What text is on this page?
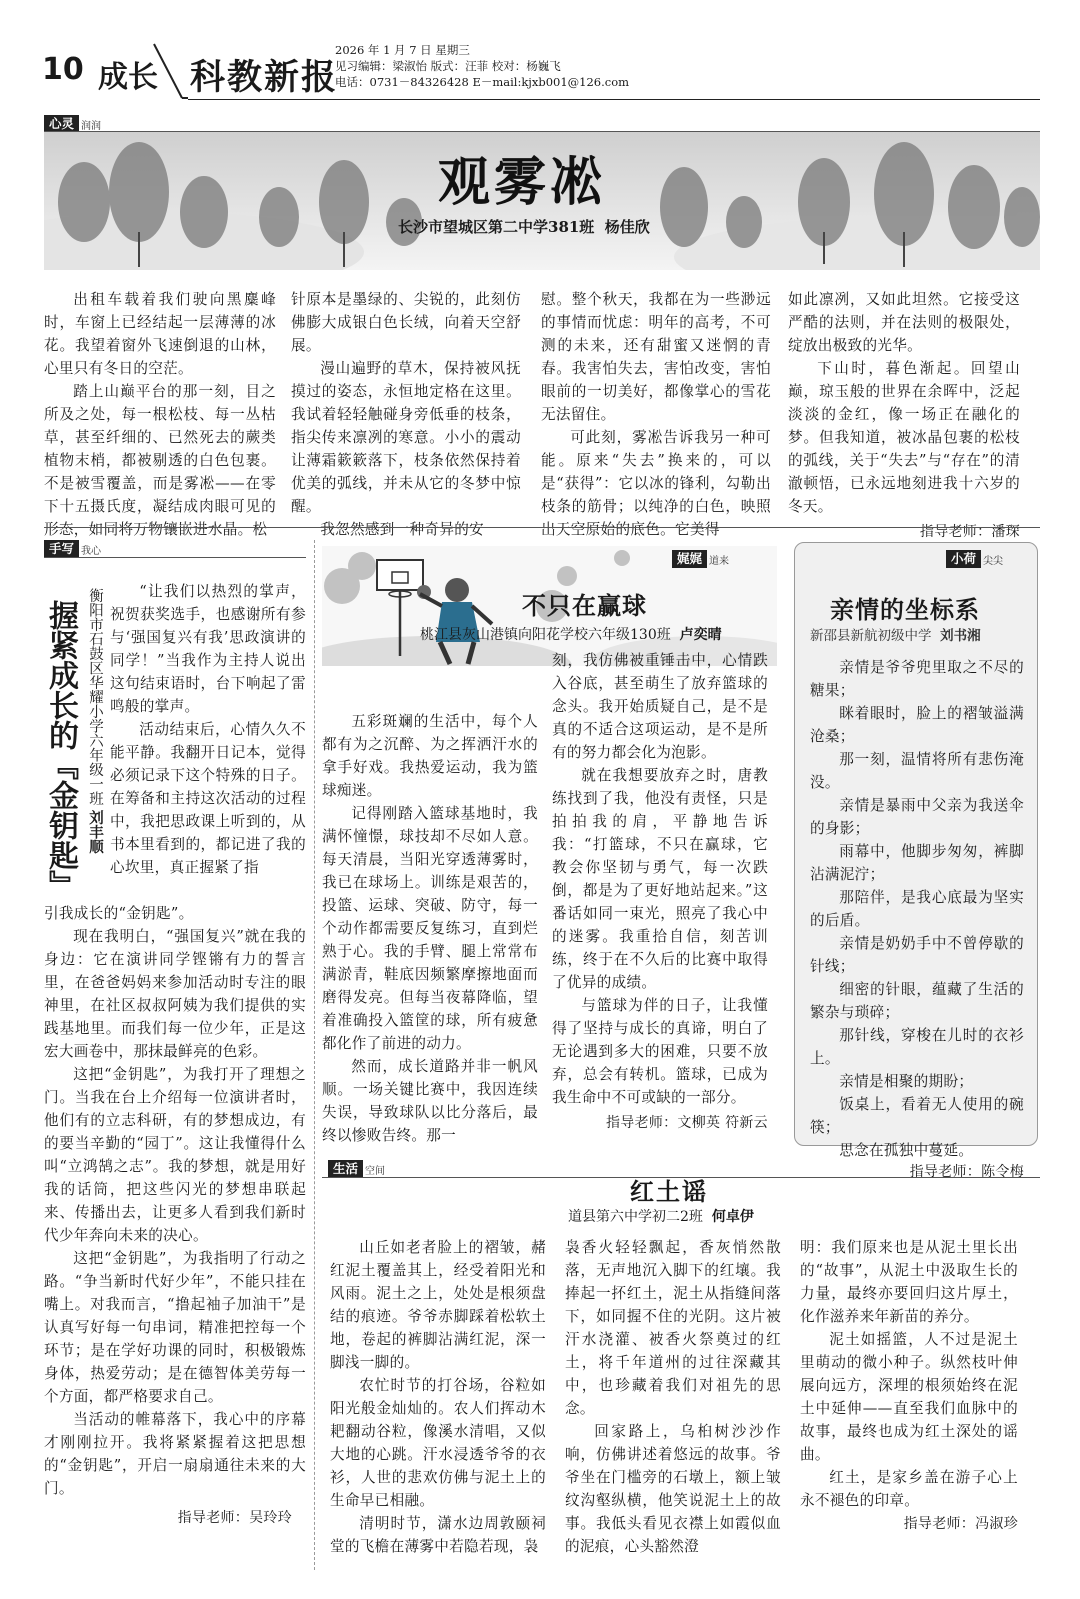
10 成长 科教新报
2026 年 1 月 7 日 星期三
见习编辑：梁淑怡 版式：汪菲 校对：杨巍飞
电话：0731－84326428 E－mail:kjxb001@126.com
心灵 润润
观雾凇
长沙市望城区第二中学381班 杨佳欣

出租车载着我们驶向黑麋峰时，车窗上已经结起一层薄薄的冰花。我望着窗外飞速倒退的山林，心里只有冬日的空茫。

踏上山巅平台的那一刻，目之所及之处，每一根松枝、每一丛枯草，甚至纤细的、已然死去的蕨类植物末梢，都被剔透的白色包裹。不是被雪覆盖，而是雾凇——在零下十五摄氏度，凝结成肉眼可见的形态，如同将万物镶嵌进水晶。松

针原本是墨绿的、尖锐的，此刻仿佛膨大成银白色长绒，向着天空舒展。

漫山遍野的草木，保持被风抚摸过的姿态，永恒地定格在这里。我试着轻轻触碰身旁低垂的枝条，指尖传来凛冽的寒意。小小的震动让薄霜簌簌落下，枝条依然保持着优美的弧线，并未从它的冬梦中惊醒。

我忽然感到一种奇异的安

慰。整个秋天，我都在为一些渺远的事情而忧虑：明年的高考，不可测的未来，还有甜蜜又迷惘的青春。我害怕失去，害怕改变，害怕眼前的一切美好，都像掌心的雪花无法留住。

可此刻，雾凇告诉我另一种可能。原来“失去”换来的，可以是“获得”：它以冰的锋利，勾勒出枝条的筋骨；以纯净的白色，映照出天空原始的底色。它美得

如此凛冽，又如此坦然。它接受这严酷的法则，并在法则的极限处，绽放出极致的光华。

下山时，暮色渐起。回望山巅，琼玉般的世界在余晖中，泛起淡淡的金红，像一场正在融化的梦。但我知道，被冰晶包裹的松枝的弧线，关于“失去”与“存在”的清澈顿悟，已永远地刻进我十六岁的冬天。

指导老师：潘琛

手写 我心
握紧成长的『金钥匙』 衡阳市石鼓区华耀小学六年级一班 刘丰顺

“让我们以热烈的掌声，祝贺获奖选手，也感谢所有参与‘强国复兴有我’思政演讲的同学！”当我作为主持人说出这句结束语时，台下响起了雷鸣般的掌声。

活动结束后，心情久久不能平静。我翻开日记本，觉得必须记录下这个特殊的日子。在筹备和主持这次活动的过程中，我把思政课上听到的，从书本里看到的，都记进了我的心坎里，真正握紧了指

引我成长的“金钥匙”。

现在我明白，“强国复兴”就在我的身边：它在演讲同学铿锵有力的誓言里，在爸爸妈妈来参加活动时专注的眼神里，在社区叔叔阿姨为我们提供的实践基地里。而我们每一位少年，正是这宏大画卷中，那抹最鲜亮的色彩。

这把“金钥匙”，为我打开了理想之门。当我在台上介绍每一位演讲者时，他们有的立志科研，有的梦想成边，有的要当辛勤的“园丁”。这让我懂得什么叫“立鸿鹄之志”。我的梦想，就是用好我的话筒，把这些闪光的梦想串联起来、传播出去，让更多人看到我们新时代少年奔向未来的决心。

这把“金钥匙”，为我指明了行动之路。“争当新时代好少年”，不能只挂在嘴上。对我而言，“撸起袖子加油干”是认真写好每一句串词，精准把控每一个环节；是在学好功课的同时，积极锻炼身体，热爱劳动；是在德智体美劳每一个方面，都严格要求自己。

当活动的帷幕落下，我心中的序幕才刚刚拉开。我将紧紧握着这把思想的“金钥匙”，开启一扇扇通往未来的大门。

指导老师：吴玲玲

娓娓 道来
不只在赢球
桃江县灰山港镇向阳花学校六年级130班 卢奕晴

五彩斑斓的生活中，每个人都有为之沉醉、为之挥洒汗水的拿手好戏。我热爱运动，我为篮球痴迷。

记得刚踏入篮球基地时，我满怀憧憬，球技却不尽如人意。每天清晨，当阳光穿透薄雾时，我已在球场上。训练是艰苦的，投篮、运球、突破、防守，每一个动作都需要反复练习，直到烂熟于心。我的手臂、腿上常常布满淤青，鞋底因频繁摩擦地面而磨得发亮。但每当夜幕降临，望着准确投入篮筐的球，所有疲惫都化作了前进的动力。

然而，成长道路并非一帆风顺。一场关键比赛中，我因连续失误，导致球队以比分落后，最终以惨败告终。那一

刻，我仿佛被重锤击中，心情跌入谷底，甚至萌生了放弃篮球的念头。我开始质疑自己，是不是真的不适合这项运动，是不是所有的努力都会化为泡影。

就在我想要放弃之时，唐教练找到了我，他没有责怪，只是拍拍我的肩，平静地告诉我：“打篮球，不只在赢球，它教会你坚韧与勇气，每一次跌倒，都是为了更好地站起来。”这番话如同一束光，照亮了我心中的迷雾。我重拾自信，刻苦训练，终于在不久后的比赛中取得了优异的成绩。

与篮球为伴的日子，让我懂得了坚持与成长的真谛，明白了无论遇到多大的困难，只要不放弃，总会有转机。篮球，已成为我生命中不可或缺的一部分。

指导老师：文柳英 符新云

小荷 尖尖
亲情的坐标系
新邵县新航初级中学 刘书湘

亲情是爷爷兜里取之不尽的糖果；

眯着眼时，脸上的褶皱溢满沧桑；

那一刻，温情将所有悲伤淹没。

亲情是暴雨中父亲为我送伞的身影；

雨幕中，他脚步匆匆，裤脚沾满泥泞；

那陪伴，是我心底最为坚实的后盾。

亲情是奶奶手中不曾停歇的针线；

细密的针眼，蕴藏了生活的繁杂与琐碎；

那针线，穿梭在儿时的衣衫上。

亲情是相聚的期盼；

饭桌上，看着无人使用的碗筷；

思念在孤独中蔓延。

指导老师：陈令梅

生活 空间
红土谣
道县第六中学初二2班 何卓伊

山丘如老者脸上的褶皱，赭红泥土覆盖其上，经受着阳光和风雨。泥土之上，处处是根须盘结的痕迹。爷爷赤脚踩着松软土地，卷起的裤脚沾满红泥，深一脚浅一脚的。

农忙时节的打谷场，谷粒如阳光般金灿灿的。农人们挥动木耙翻动谷粒，像溪水清唱，又似大地的心跳。汗水浸透爷爷的衣衫，人世的悲欢仿佛与泥土上的生命早已相融。

清明时节，潇水边周敦颐祠堂的飞檐在薄雾中若隐若现，袅

袅香火轻轻飘起，香灰悄然散落，无声地沉入脚下的红壤。我捧起一抔红土，泥土从指缝间落下，如同握不住的光阴。这片被汗水浇灌、被香火祭奠过的红土，将千年道州的过往深藏其中，也珍藏着我们对祖先的思念。

回家路上，乌桕树沙沙作响，仿佛讲述着悠远的故事。爷爷坐在门槛旁的石墩上，额上皱纹沟壑纵横，他笑说泥土上的故事。我低头看见衣襟上如霞似血的泥痕，心头豁然澄

明：我们原来也是从泥土里长出的“故事”，从泥土中汲取生长的力量，最终亦要回归这片厚土，化作滋养来年新苗的养分。

泥土如摇篮，人不过是泥土里萌动的微小种子。纵然枝叶伸展向远方，深埋的根须始终在泥土中延伸——直至我们血脉中的故事，最终也成为红土深处的谣曲。

红土，是家乡盖在游子心上永不褪色的印章。

指导老师：冯淑珍
